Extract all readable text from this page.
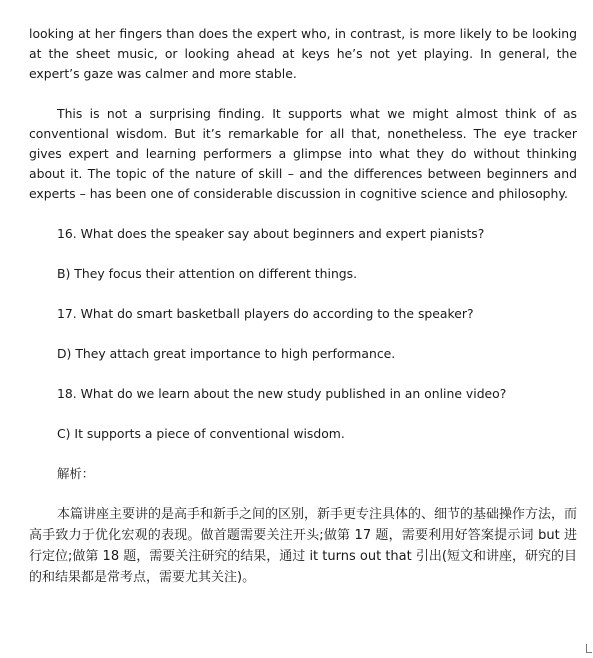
looking at her fingers than does the expert who, in contrast, is more likely to be looking at the sheet music, or looking ahead at keys he’s not yet playing. In general, the expert’s gaze was calmer and more stable.

This is not a surprising finding. It supports what we might almost think of as conventional wisdom. But it’s remarkable for all that, nonetheless. The eye tracker gives expert and learning performers a glimpse into what they do without thinking about it. The topic of the nature of skill – and the differences between beginners and experts – has been one of considerable discussion in cognitive science and philosophy.

16. What does the speaker say about beginners and expert pianists?

B) They focus their attention on different things.

17. What do smart basketball players do according to the speaker?

D) They attach great importance to high performance.

18. What do we learn about the new study published in an online video?

C) It supports a piece of conventional wisdom.

解析：

本篇讲座主要讲的是高手和新手之间的区别，新手更专注具体的、细节的基础操作方法，而高手致力于优化宏观的表现。做首题需要关注开头;做第 17 题，需要利用好答案提示词 but 进行定位;做第 18 题，需要关注研究的结果，通过 it turns out that 引出(短文和讲座，研究的目的和结果都是常考点，需要尤其关注)。
